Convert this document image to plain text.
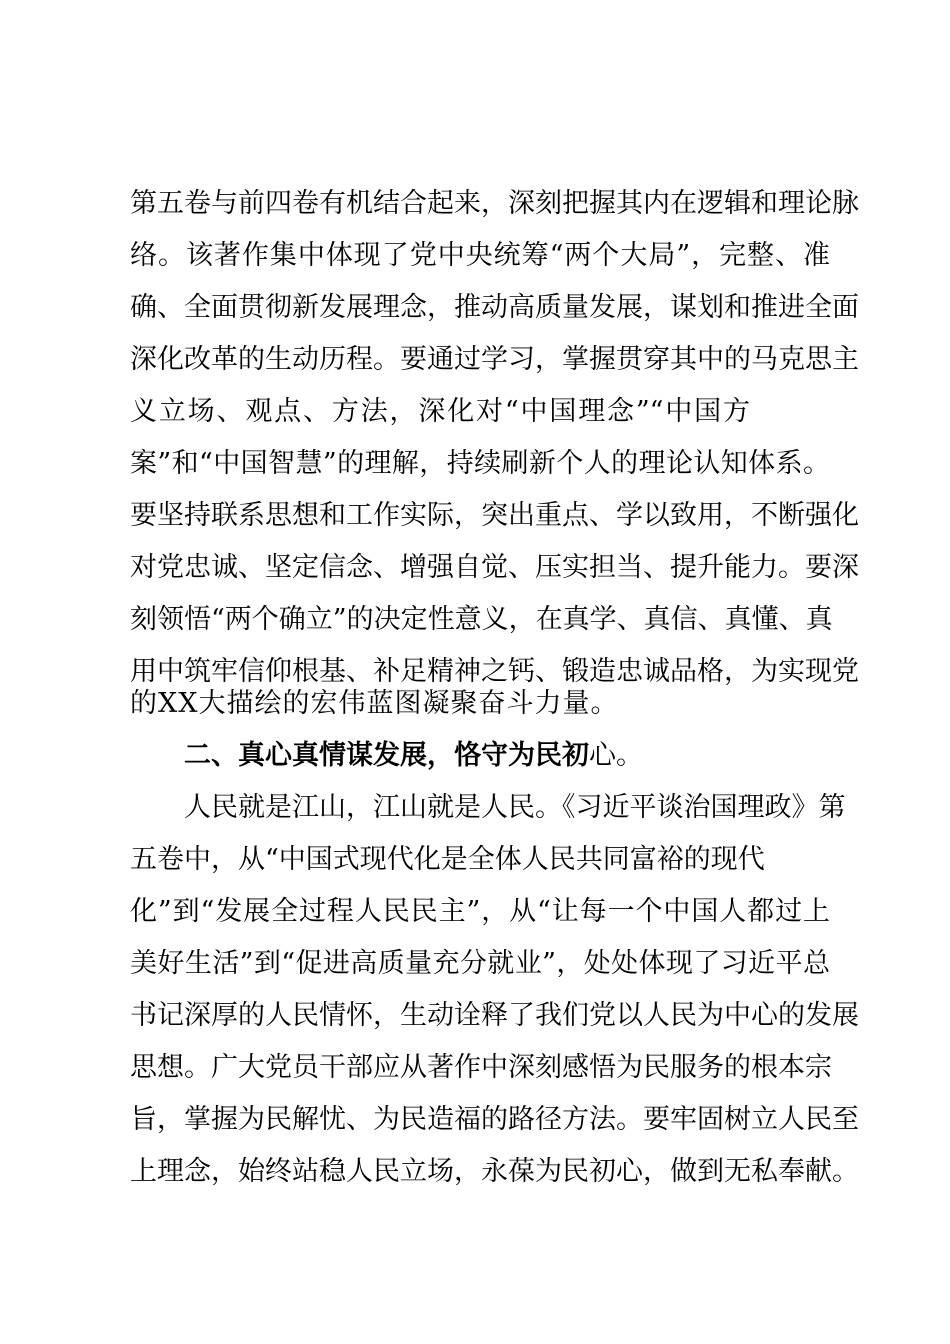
第五卷与前四卷有机结合起来，深刻把握其内在逻辑和理论脉
络。该著作集中体现了党中央统筹“两个大局”，完整、准
确、全面贯彻新发展理念，推动高质量发展，谋划和推进全面
深化改革的生动历程。要通过学习，掌握贯穿其中的马克思主
义立场、观点、方法，深化对“中国理念”“中国方
案”和“中国智慧”的理解，持续刷新个人的理论认知体系。
要坚持联系思想和工作实际，突出重点、学以致用，不断强化
对党忠诚、坚定信念、增强自觉、压实担当、提升能力。要深
刻领悟“两个确立”的决定性意义，在真学、真信、真懂、真
用中筑牢信仰根基、补足精神之钙、锻造忠诚品格，为实现党
的XX大描绘的宏伟蓝图凝聚奋斗力量。
二、真心真情谋发展，恪守为民初心。
人民就是江山，江山就是人民。《习近平谈治国理政》第
五卷中，从“中国式现代化是全体人民共同富裕的现代
化”到“发展全过程人民民主”，从“让每一个中国人都过上
美好生活”到“促进高质量充分就业”，处处体现了习近平总
书记深厚的人民情怀，生动诠释了我们党以人民为中心的发展
思想。广大党员干部应从著作中深刻感悟为民服务的根本宗
旨，掌握为民解忧、为民造福的路径方法。要牢固树立人民至
上理念，始终站稳人民立场，永葆为民初心，做到无私奉献。
